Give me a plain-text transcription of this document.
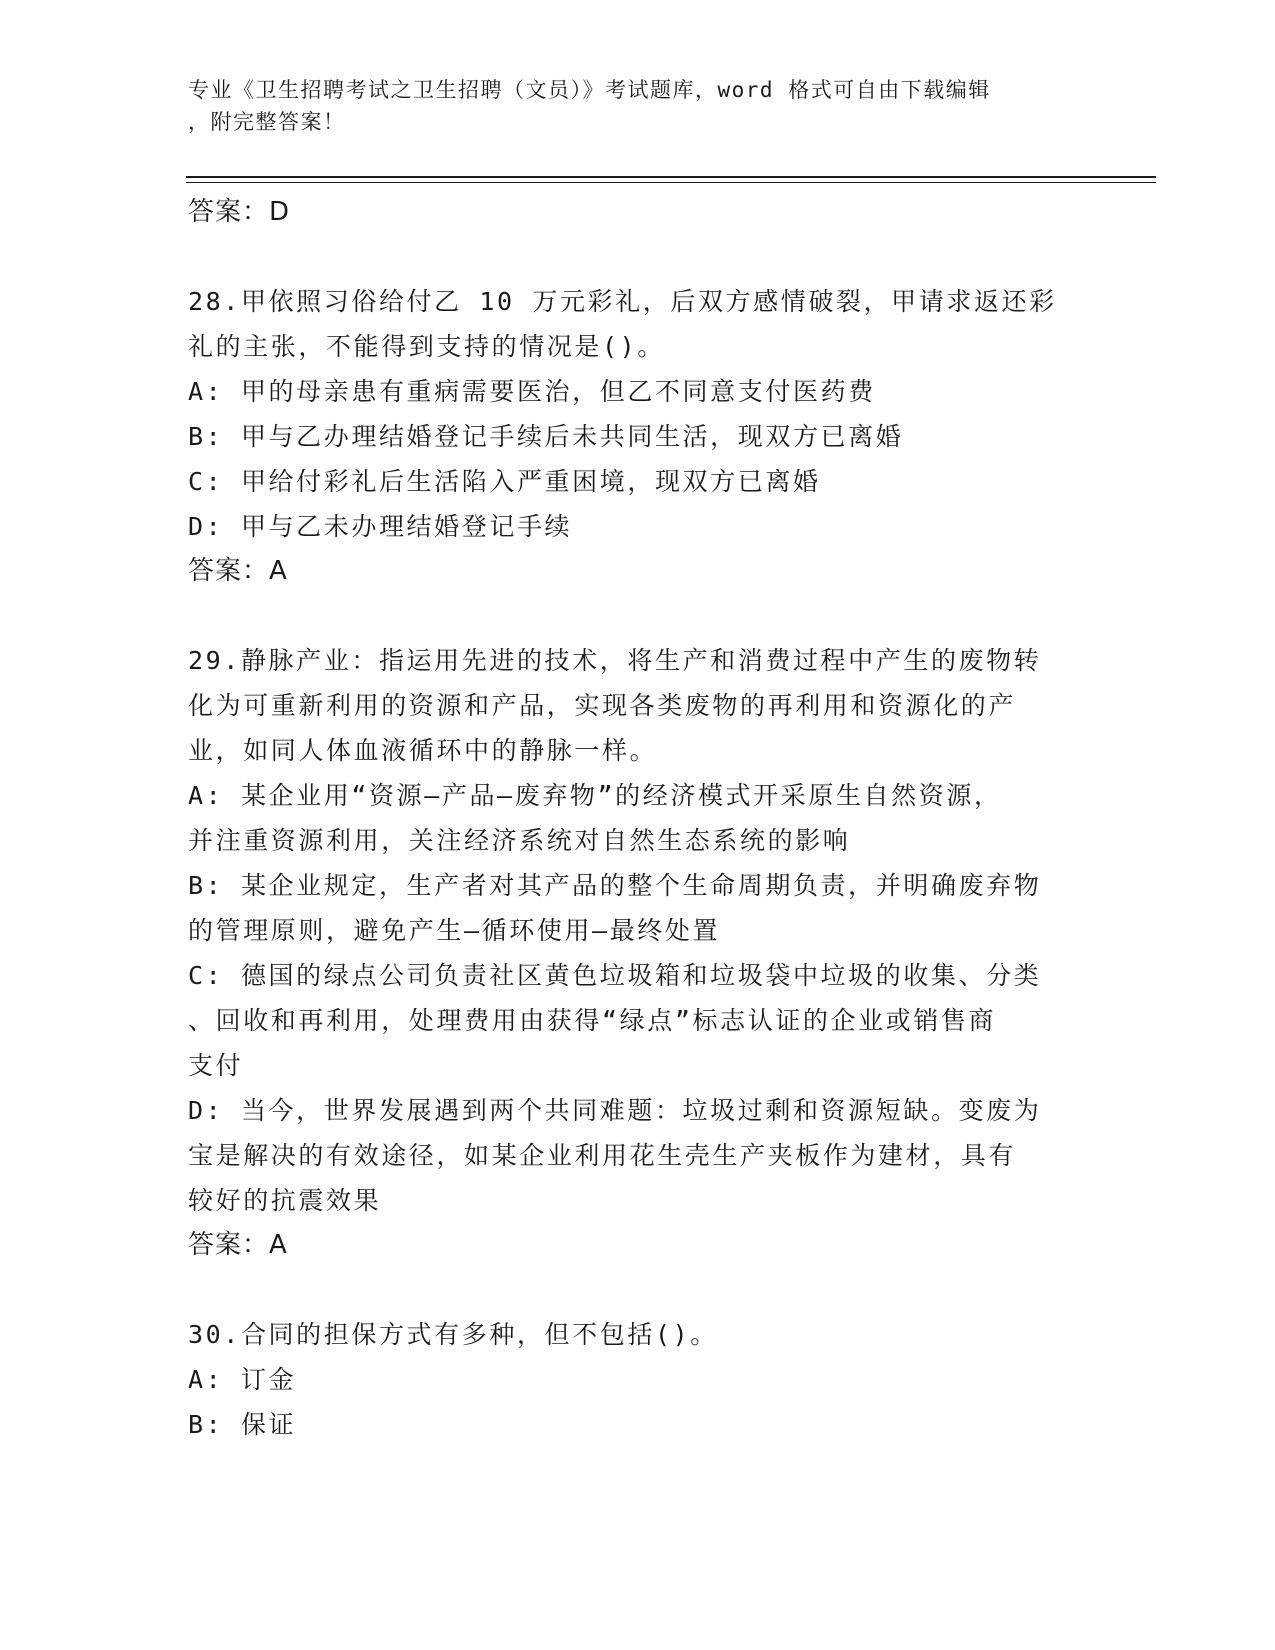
专业《卫生招聘考试之卫生招聘（文员）》考试题库，word 格式可自由下载编辑
，附完整答案！
答案：D
28.甲依照习俗给付乙 10 万元彩礼，后双方感情破裂，甲请求返还彩
礼的主张，不能得到支持的情况是()。
A: 甲的母亲患有重病需要医治，但乙不同意支付医药费
B: 甲与乙办理结婚登记手续后未共同生活，现双方已离婚
C: 甲给付彩礼后生活陷入严重困境，现双方已离婚
D: 甲与乙未办理结婚登记手续
答案：A
29.静脉产业：指运用先进的技术，将生产和消费过程中产生的废物转
化为可重新利用的资源和产品，实现各类废物的再利用和资源化的产
业，如同人体血液循环中的静脉一样。
A: 某企业用“资源—产品—废弃物”的经济模式开采原生自然资源，
并注重资源利用，关注经济系统对自然生态系统的影响
B: 某企业规定，生产者对其产品的整个生命周期负责，并明确废弃物
的管理原则，避免产生—循环使用—最终处置
C: 德国的绿点公司负责社区黄色垃圾箱和垃圾袋中垃圾的收集、分类
、回收和再利用，处理费用由获得“绿点”标志认证的企业或销售商
支付
D: 当今，世界发展遇到两个共同难题：垃圾过剩和资源短缺。变废为
宝是解决的有效途径，如某企业利用花生壳生产夹板作为建材，具有
较好的抗震效果
答案：A
30.合同的担保方式有多种，但不包括()。
A: 订金
B: 保证
